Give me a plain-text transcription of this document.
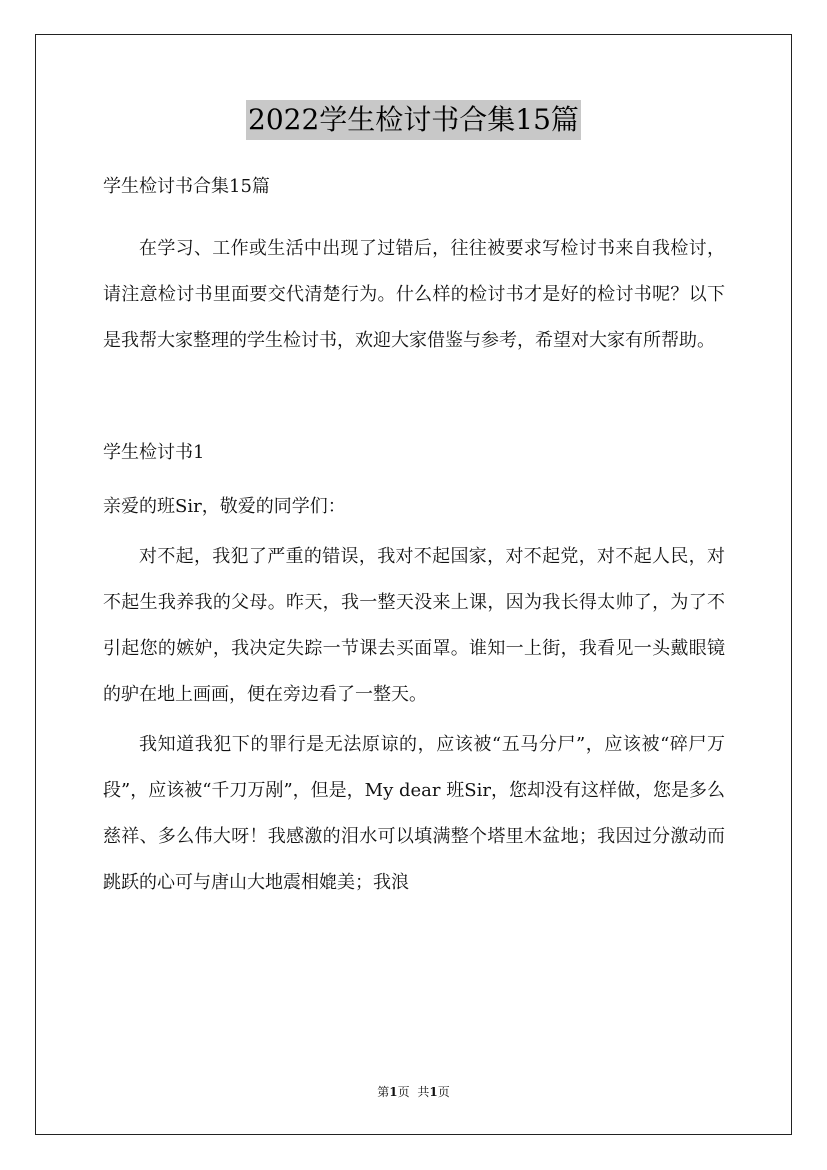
2022学生检讨书合集15篇

学生检讨书合集15篇

在学习、工作或生活中出现了过错后，往往被要求写检讨书来自我检讨，请注意检讨书里面要交代清楚行为。什么样的检讨书才是好的检讨书呢？以下是我帮大家整理的学生检讨书，欢迎大家借鉴与参考，希望对大家有所帮助。

学生检讨书1

亲爱的班Sir，敬爱的同学们：

对不起，我犯了严重的错误，我对不起国家，对不起党，对不起人民，对不起生我养我的父母。昨天，我一整天没来上课，因为我长得太帅了，为了不引起您的嫉妒，我决定失踪一节课去买面罩。谁知一上街，我看见一头戴眼镜的驴在地上画画，便在旁边看了一整天。

我知道我犯下的罪行是无法原谅的，应该被“五马分尸”，应该被“碎尸万段”，应该被“千刀万剐”，但是，My dear 班Sir，您却没有这样做，您是多么慈祥、多么伟大呀！我感激的泪水可以填满整个塔里木盆地；我因过分激动而跳跃的心可与唐山大地震相媲美；我浪

第1页 共1页
